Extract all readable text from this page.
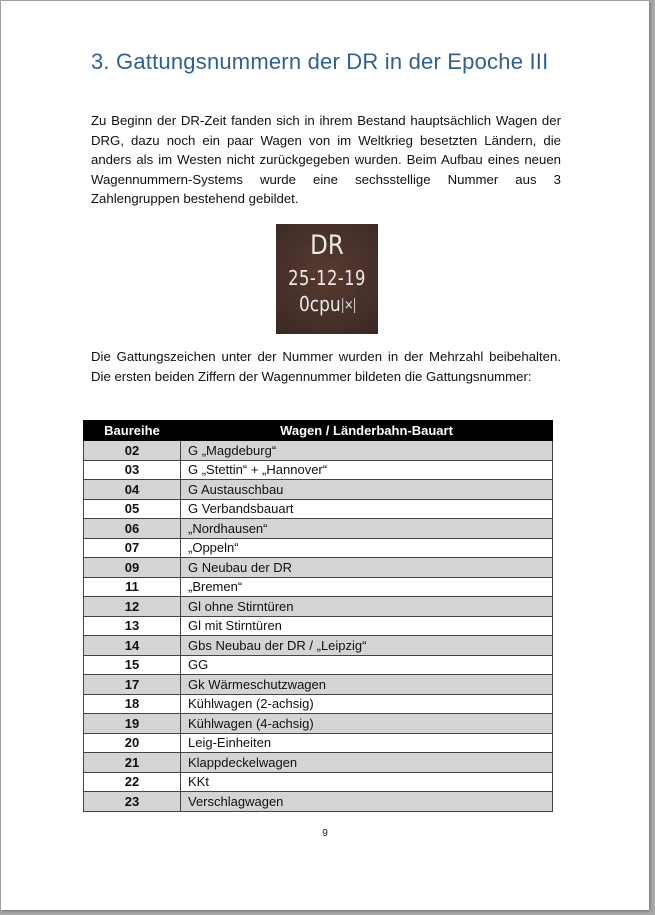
3. Gattungsnummern der DR in der Epoche III

Zu Beginn der DR-Zeit fanden sich in ihrem Bestand hauptsächlich Wagen der DRG, dazu noch ein paar Wagen von im Weltkrieg besetzten Ländern, die anders als im Westen nicht zurückgegeben wurden. Beim Aufbau eines neuen Wagennummern-Systems wurde eine sechsstellige Nummer aus 3 Zahlengruppen bestehend gebildet.

DR
25-12-19
0cpu ×

Die Gattungszeichen unter der Nummer wurden in der Mehrzahl beibehalten. Die ersten beiden Ziffern der Wagennummer bildeten die Gattungsnummer:

Baureihe	Wagen / Länderbahn-Bauart
02	G „Magdeburg“
03	G „Stettin“ + „Hannover“
04	G Austauschbau
05	G Verbandsbauart
06	„Nordhausen“
07	„Oppeln“
09	G Neubau der DR
11	„Bremen“
12	Gl ohne Stirntüren
13	Gl mit Stirntüren
14	Gbs Neubau der DR / „Leipzig“
15	GG
17	Gk Wärmeschutzwagen
18	Kühlwagen (2-achsig)
19	Kühlwagen (4-achsig)
20	Leig-Einheiten
21	Klappdeckelwagen
22	KKt
23	Verschlagwagen
9
